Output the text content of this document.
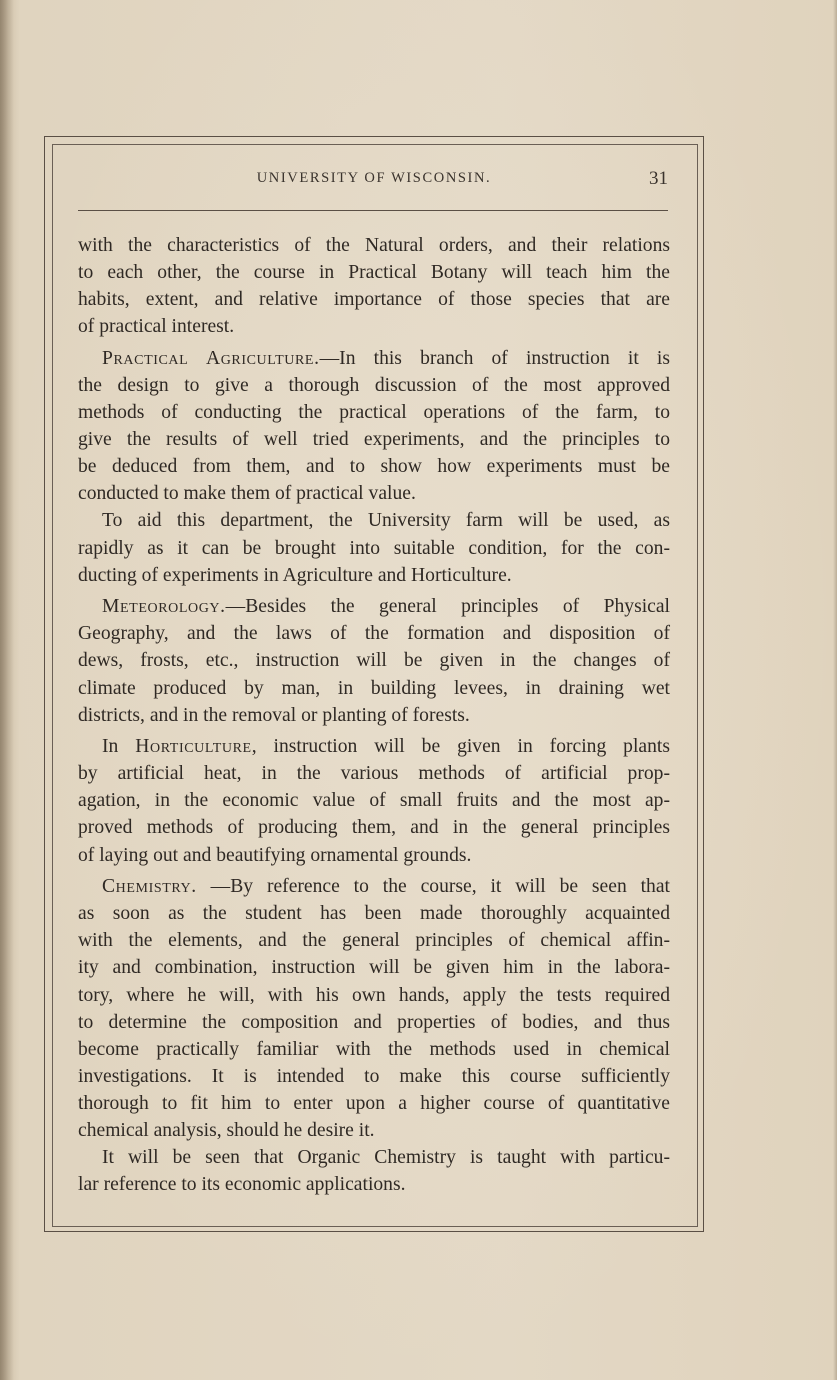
UNIVERSITY OF WISCONSIN.	31
with the characteristics of the Natural orders, and their relations
to each other, the course in Practical Botany will teach him the
habits, extent, and relative importance of those species that are
of practical interest.
Practical Agriculture.—In this branch of instruction it is
the design to give a thorough discussion of the most approved
methods of conducting the practical operations of the farm, to
give the results of well tried experiments, and the principles to
be deduced from them, and to show how experiments must be
conducted to make them of practical value.
To aid this department, the University farm will be used, as
rapidly as it can be brought into suitable condition, for the con-
ducting of experiments in Agriculture and Horticulture.
Meteorology.—Besides the general principles of Physical
Geography, and the laws of the formation and disposition of
dews, frosts, etc., instruction will be given in the changes of
climate produced by man, in building levees, in draining wet
districts, and in the removal or planting of forests.
In Horticulture, instruction will be given in forcing plants
by artificial heat, in the various methods of artificial prop-
agation, in the economic value of small fruits and the most ap-
proved methods of producing them, and in the general principles
of laying out and beautifying ornamental grounds.
Chemistry. —By reference to the course, it will be seen that
as soon as the student has been made thoroughly acquainted
with the elements, and the general principles of chemical affin-
ity and combination, instruction will be given him in the labora-
tory, where he will, with his own hands, apply the tests required
to determine the composition and properties of bodies, and thus
become practically familiar with the methods used in chemical
investigations. It is intended to make this course sufficiently
thorough to fit him to enter upon a higher course of quantitative
chemical analysis, should he desire it.
It will be seen that Organic Chemistry is taught with particu-
lar reference to its economic applications.
